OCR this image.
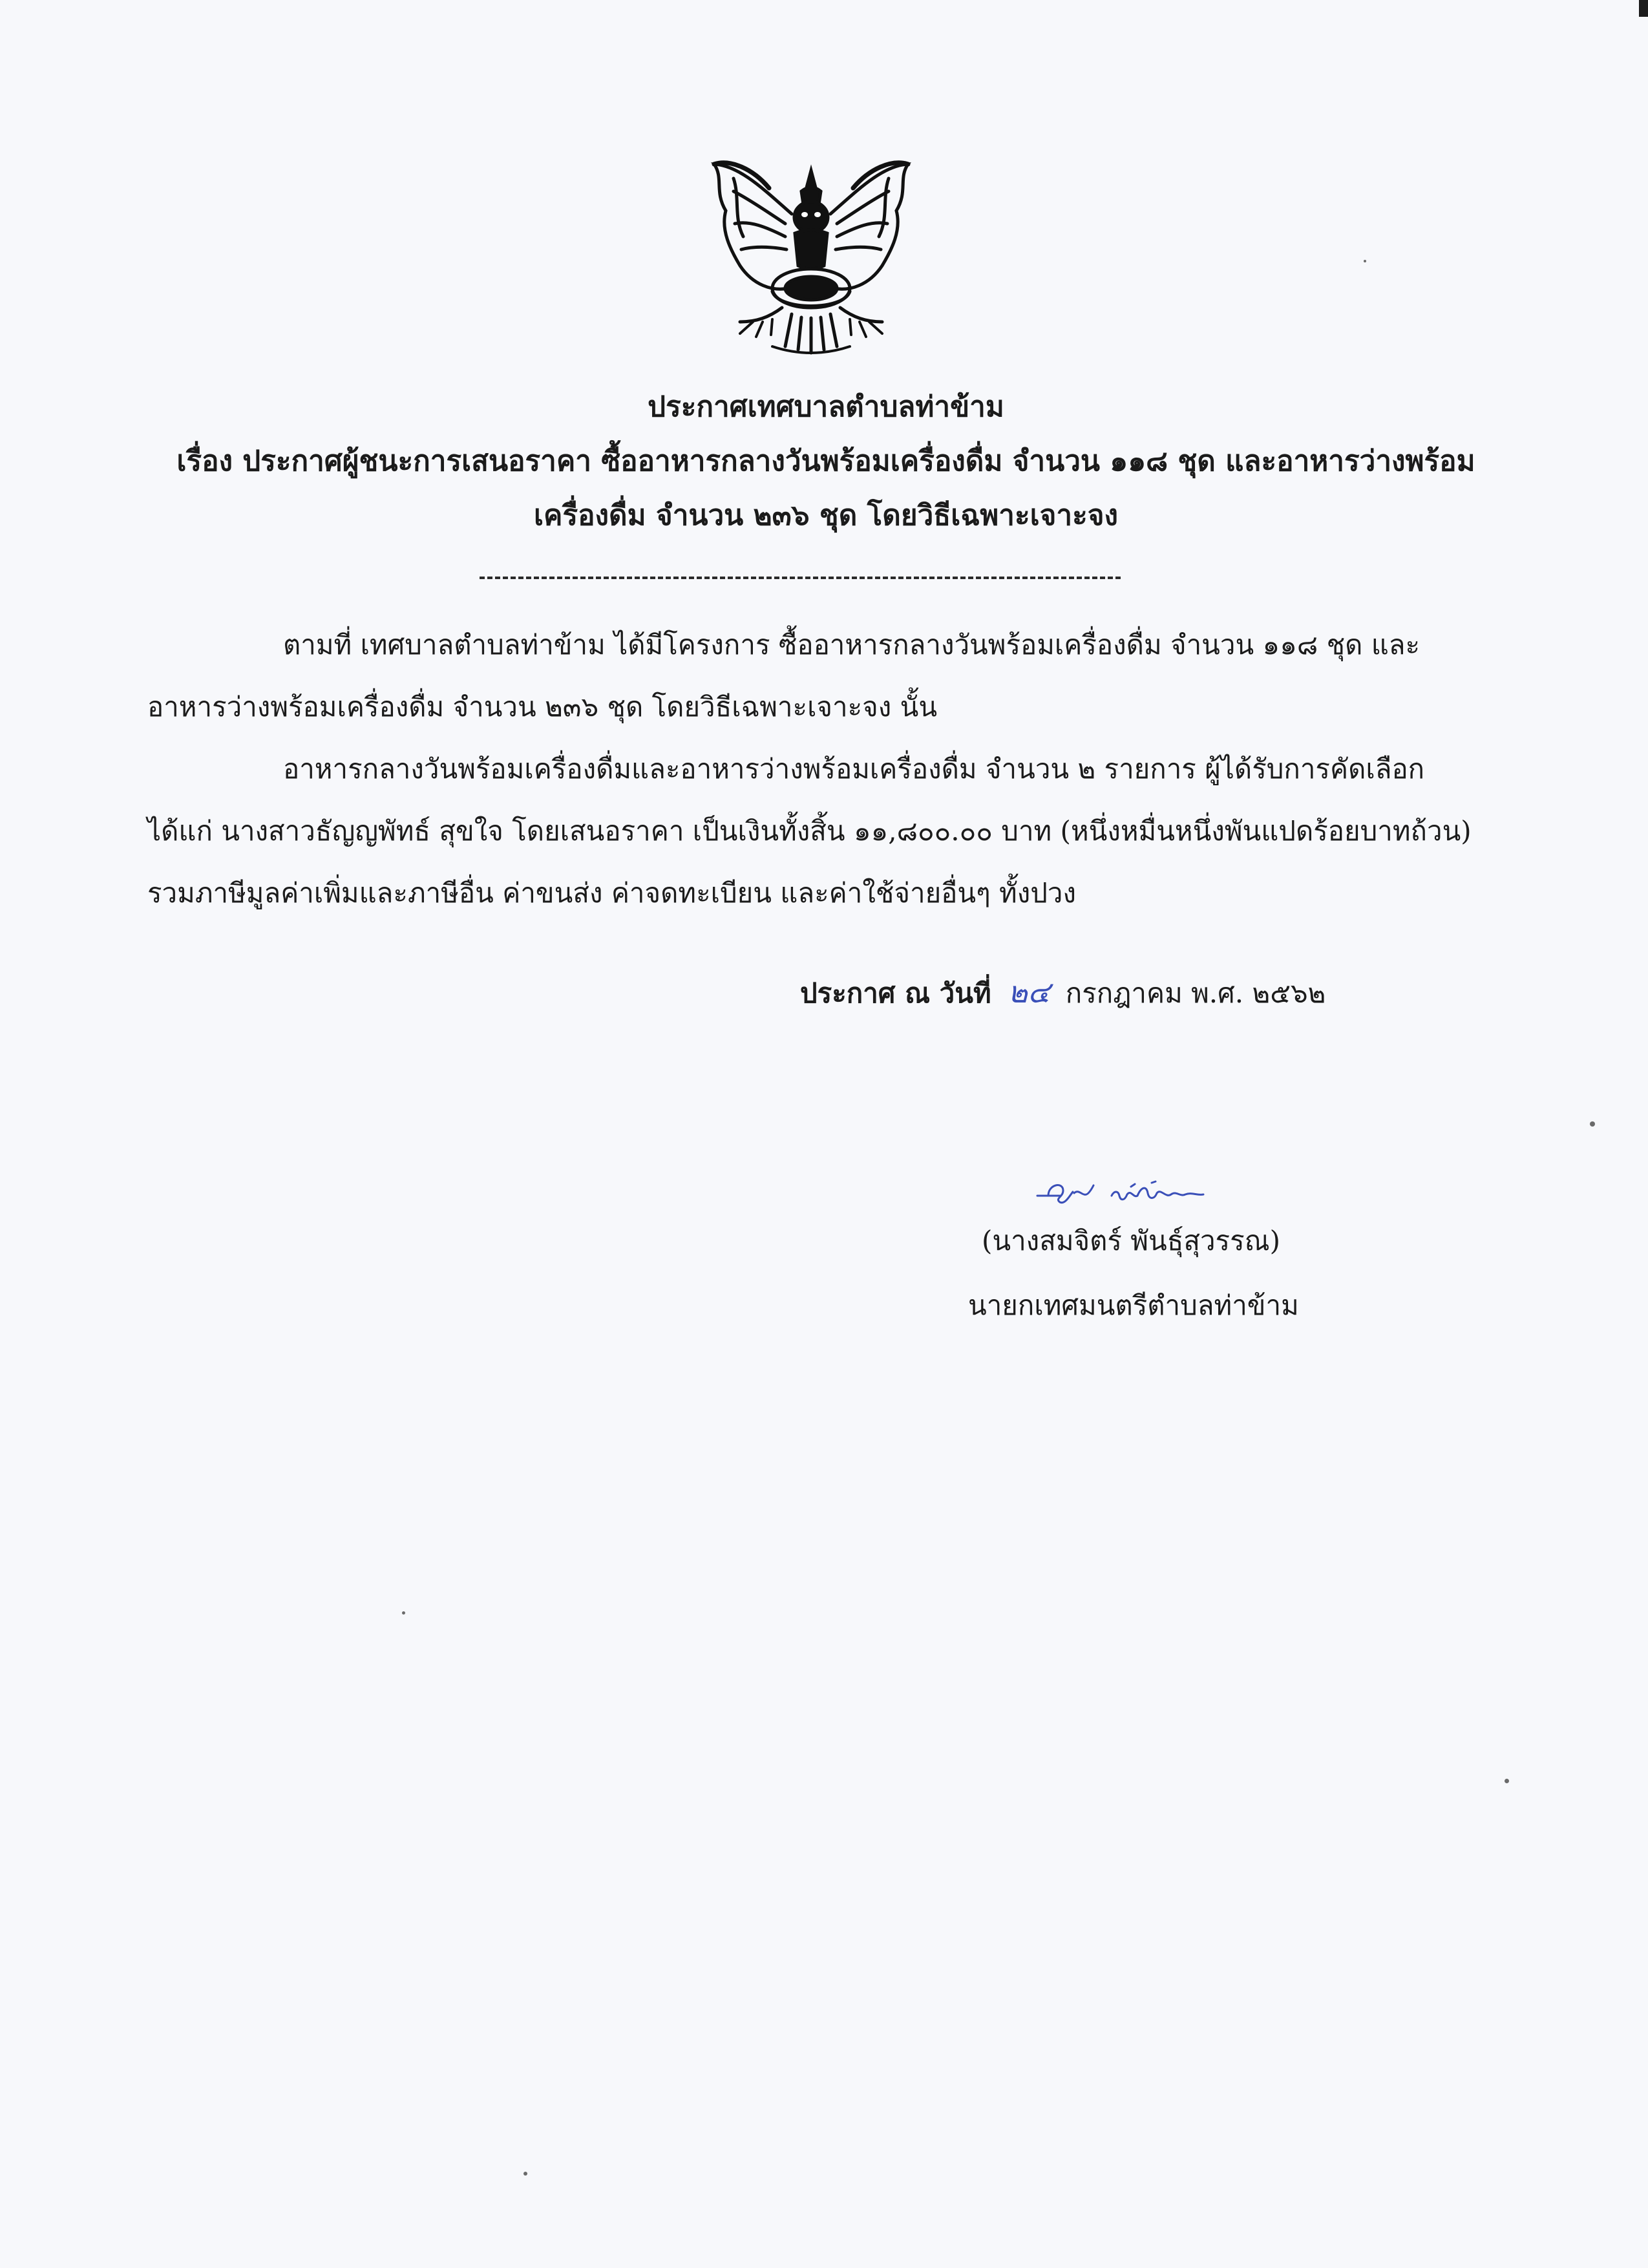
ประกาศเทศบาลตำบลท่าข้าม
เรื่อง ประกาศผู้ชนะการเสนอราคา ซื้ออาหารกลางวันพร้อมเครื่องดื่ม จำนวน ๑๑๘ ชุด และอาหารว่างพร้อม
เครื่องดื่ม จำนวน ๒๓๖ ชุด โดยวิธีเฉพาะเจาะจง
ตามที่ เทศบาลตำบลท่าข้าม ได้มีโครงการ ซื้ออาหารกลางวันพร้อมเครื่องดื่ม จำนวน ๑๑๘ ชุด และ
อาหารว่างพร้อมเครื่องดื่ม จำนวน ๒๓๖ ชุด โดยวิธีเฉพาะเจาะจง นั้น
อาหารกลางวันพร้อมเครื่องดื่มและอาหารว่างพร้อมเครื่องดื่ม จำนวน ๒ รายการ ผู้ได้รับการคัดเลือก
ได้แก่ นางสาวธัญญพัทธ์ สุขใจ โดยเสนอราคา เป็นเงินทั้งสิ้น ๑๑,๘๐๐.๐๐ บาท (หนึ่งหมื่นหนึ่งพันแปดร้อยบาทถ้วน)
รวมภาษีมูลค่าเพิ่มและภาษีอื่น ค่าขนส่ง ค่าจดทะเบียน และค่าใช้จ่ายอื่นๆ ทั้งปวง
ประกาศ ณ วันที่ ๒๔ กรกฎาคม พ.ศ. ๒๕๖๒
(นางสมจิตร์ พันธุ์สุวรรณ)
นายกเทศมนตรีตำบลท่าข้าม
